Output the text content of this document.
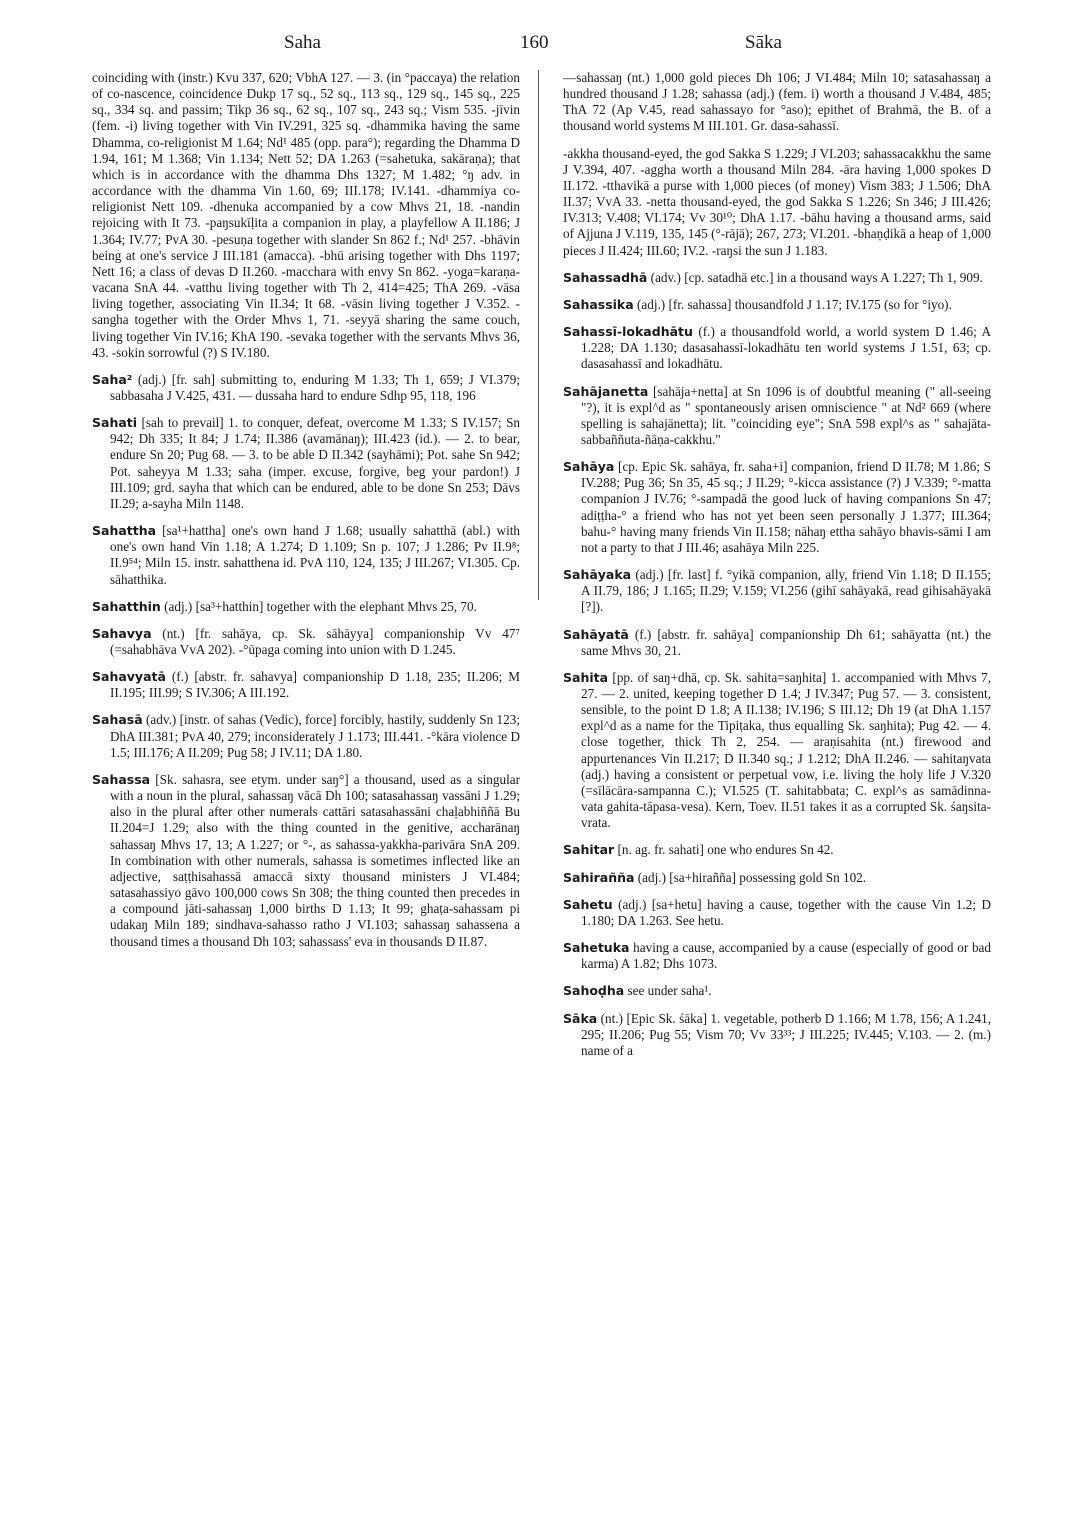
Saha	160	Sāka

coinciding with (instr.) Kvu 337, 620; VbhA 127. — 3. (in °paccaya) the relation of co-nascence, coincidence Dukp 17 sq., 52 sq., 113 sq., 129 sq., 145 sq., 225 sq., 334 sq. and passim; Tikp 36 sq., 62 sq., 107 sq., 243 sq.; Vism 535. -jīvin (fem. -i) living together with Vin IV.291, 325 sq. -dhammika having the same Dhamma, co-religionist M 1.64; Nd¹ 485 (opp. para°); regarding the Dhamma D 1.94, 161; M 1.368; Vin 1.134; Nett 52; DA 1.263 (=sahetuka, sakāraṇa); that which is in accordance with the dhamma Dhs 1327; M 1.482; °ŋ adv. in accordance with the dhamma Vin 1.60, 69; III.178; IV.141. -dhammiya co-religionist Nett 109. -dhenuka accompanied by a cow Mhvs 21, 18. -nandin rejoicing with It 73. -paŋsukīḷita a companion in play, a playfellow A II.186; J 1.364; IV.77; PvA 30. -pesuṇa together with slander Sn 862 f.; Nd¹ 257. -bhāvin being at one's service J III.181 (amacca). -bhū arising together with Dhs 1197; Nett 16; a class of devas D II.260. -macchara with envy Sn 862. -yoga=karaṇa-vacana SnA 44. -vatthu living together with Th 2, 414=425; ThA 269. -vāsa living together, associating Vin II.34; It 68. -vāsin living together J V.352. -sangha together with the Order Mhvs 1, 71. -seyyā sharing the same couch, living together Vin IV.16; KhA 190. -sevaka together with the servants Mhvs 36, 43. -sokin sorrowful (?) S IV.180.

Saha² (adj.) [fr. sah] submitting to, enduring M 1.33; Th 1, 659; J VI.379; sabbasaha J V.425, 431. — dussaha hard to endure Sdhp 95, 118, 196

Sahati [sah to prevail] 1. to conquer, defeat, overcome M 1.33; S IV.157; Sn 942; Dh 335; It 84; J 1.74; II.386 (avamānaŋ); III.423 (id.). — 2. to bear, endure Sn 20; Pug 68. — 3. to be able D II.342 (sayhāmi); Pot. sahe Sn 942; Pot. saheyya M 1.33; saha (imper. excuse, forgive, beg your pardon!) J III.109; grd. sayha that which can be endured, able to be done Sn 253; Dāvs II.29; a-sayha Miln 1148.

Sahattha [sa¹+hattha] one's own hand J 1.68; usually sahatthā (abl.) with one's own hand Vin 1.18; A 1.274; D 1.109; Sn p. 107; J 1.286; Pv II.9⁸; II.9⁵⁴; Miln 15. instr. sahatthena id. PvA 110, 124, 135; J III.267; VI.305. Cp. sāhatthika.

Sahatthin (adj.) [sa³+hatthin] together with the elephant Mhvs 25, 70.

Sahavya (nt.) [fr. sahāya, cp. Sk. sāhāyya] companionship Vv 47⁷ (=sahabhāva VvA 202). -°ūpaga coming into union with D 1.245.

Sahavyatā (f.) [abstr. fr. sahavya] companionship D 1.18, 235; II.206; M II.195; III.99; S IV.306; A III.192.

Sahasā (adv.) [instr. of sahas (Vedic), force] forcibly, hastily, suddenly Sn 123; DhA III.381; PvA 40, 279; inconsiderately J 1.173; III.441. -°kāra violence D 1.5; III.176; A II.209; Pug 58; J IV.11; DA 1.80.

Sahassa [Sk. sahasra, see etym. under saŋ°] a thousand, used as a singular with a noun in the plural, sahassaŋ vācā Dh 100; satasahassaŋ vassāni J 1.29; also in the plural after other numerals cattāri satasahassāni chaḷabhiññā Bu II.204=J 1.29; also with the thing counted in the genitive, accharānaŋ sahassaŋ Mhvs 17, 13; A 1.227; or °-, as sahassa-yakkha-parivāra SnA 209. In combination with other numerals, sahassa is sometimes inflected like an adjective, saṭṭhisahassā amaccā sixty thousand ministers J VI.484; satasahassiyo gāvo 100,000 cows Sn 308; the thing counted then precedes in a compound jāti-sahassaŋ 1,000 births D 1.13; It 99; ghaṭa-sahassam pi udakaŋ Miln 189; sindhava-sahasso ratho J VI.103; sahassaŋ sahassena a thousand times a thousand Dh 103; sahassass' eva in thousands D II.87.

—sahassaŋ (nt.) 1,000 gold pieces Dh 106; J VI.484; Miln 10; satasahassaŋ a hundred thousand J 1.28; sahassa (adj.) (fem. i) worth a thousand J V.484, 485; ThA 72 (Ap V.45, read sahassayo for °aso); epithet of Brahmā, the B. of a thousand world systems M III.101. Gr. dasa-sahassī.

-akkha thousand-eyed, the god Sakka S 1.229; J VI.203; sahassacakkhu the same J V.394, 407. -aggha worth a thousand Miln 284. -āra having 1,000 spokes D II.172. -tthavikā a purse with 1,000 pieces (of money) Vism 383; J 1.506; DhA II.37; VvA 33. -netta thousand-eyed, the god Sakka S 1.226; Sn 346; J III.426; IV.313; V.408; VI.174; Vv 30¹⁰; DhA 1.17. -bāhu having a thousand arms, said of Ajjuna J V.119, 135, 145 (°-rājā); 267, 273; VI.201. -bhaṇḍikā a heap of 1,000 pieces J II.424; III.60; IV.2. -raŋsi the sun J 1.183.

Sahassadhā (adv.) [cp. satadhā etc.] in a thousand ways A 1.227; Th 1, 909.

Sahassika (adj.) [fr. sahassa] thousandfold J 1.17; IV.175 (so for °iyo).

Sahassī-lokadhātu (f.) a thousandfold world, a world system D 1.46; A 1.228; DA 1.130; dasasahassī-lokadhātu ten world systems J 1.51, 63; cp. dasasahassī and lokadhātu.

Sahājanetta [sahāja+netta] at Sn 1096 is of doubtful meaning (" all-seeing "?), it is expl^d as " spontaneously arisen omniscience " at Nd² 669 (where spelling is sahajānetta); lit. "coinciding eye"; SnA 598 expl^s as " sahajāta-sabbaññuta-ñāṇa-cakkhu."

Sahāya [cp. Epic Sk. sahāya, fr. saha+i] companion, friend D II.78; M 1.86; S IV.288; Pug 36; Sn 35, 45 sq.; J II.29; °-kicca assistance (?) J V.339; °-matta companion J IV.76; °-sampadā the good luck of having companions Sn 47; adiṭṭha-° a friend who has not yet been seen personally J 1.377; III.364; bahu-° having many friends Vin II.158; nāhaŋ ettha sahāyo bhavis-sāmi I am not a party to that J III.46; asahāya Miln 225.

Sahāyaka (adj.) [fr. last] f. °yikā companion, ally, friend Vin 1.18; D II.155; A II.79, 186; J 1.165; II.29; V.159; VI.256 (gihī sahāyakā, read gihisahāyakā [?]).

Sahāyatā (f.) [abstr. fr. sahāya] companionship Dh 61; sahāyatta (nt.) the same Mhvs 30, 21.

Sahita [pp. of saŋ+dhā, cp. Sk. sahita=saŋhita] 1. accompanied with Mhvs 7, 27. — 2. united, keeping together D 1.4; J IV.347; Pug 57. — 3. consistent, sensible, to the point D 1.8; A II.138; IV.196; S III.12; Dh 19 (at DhA 1.157 expl^d as a name for the Tipiṭaka, thus equalling Sk. saŋhita); Pug 42. — 4. close together, thick Th 2, 254. — araṇisahita (nt.) firewood and appurtenances Vin II.217; D II.340 sq.; J 1.212; DhA II.246. — sahitaŋvata (adj.) having a consistent or perpetual vow, i.e. living the holy life J V.320 (=sīlācāra-sampanna C.); VI.525 (T. sahitabbata; C. expl^s as samādinna-vata gahita-tāpasa-vesa). Kern, Toev. II.51 takes it as a corrupted Sk. śaŋsita-vrata.

Sahitar [n. ag. fr. sahati] one who endures Sn 42.

Sahirañña (adj.) [sa+hirañña] possessing gold Sn 102.

Sahetu (adj.) [sa+hetu] having a cause, together with the cause Vin 1.2; D 1.180; DA 1.263. See hetu.

Sahetuka having a cause, accompanied by a cause (especially of good or bad karma) A 1.82; Dhs 1073.

Sahoḍha see under saha¹.

Sāka (nt.) [Epic Sk. śāka] 1. vegetable, potherb D 1.166; M 1.78, 156; A 1.241, 295; II.206; Pug 55; Vism 70; Vv 33³³; J III.225; IV.445; V.103. — 2. (m.) name of a
